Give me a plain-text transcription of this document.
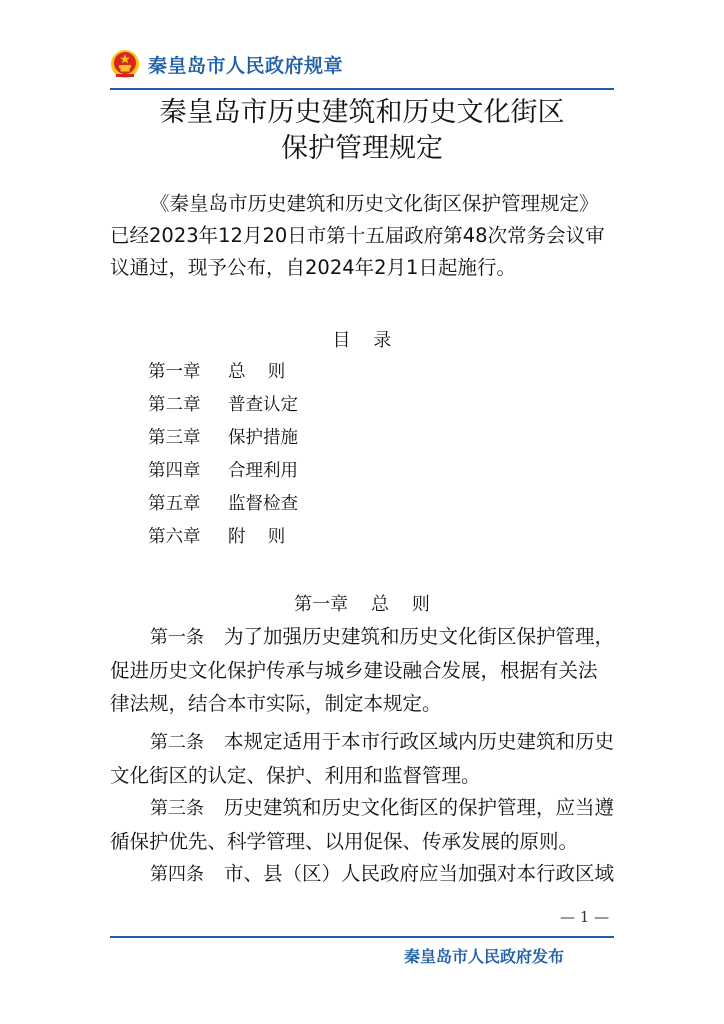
秦皇岛市人民政府规章
秦皇岛市历史建筑和历史文化街区
保护管理规定
《秦皇岛市历史建筑和历史文化街区保护管理规定》已经2023年12月20日市第十五届政府第48次常务会议审议通过，现予公布，自2024年2月1日起施行。
目    录
第一章 总    则
第二章 普查认定
第三章 保护措施
第四章 合理利用
第五章 监督检查
第六章 附    则
第一章    总    则
第一条 为了加强历史建筑和历史文化街区保护管理，促进历史文化保护传承与城乡建设融合发展，根据有关法律法规，结合本市实际，制定本规定。
第二条 本规定适用于本市行政区域内历史建筑和历史文化街区的认定、保护、利用和监督管理。
第三条 历史建筑和历史文化街区的保护管理，应当遵循保护优先、科学管理、以用促保、传承发展的原则。
第四条 市、县（区）人民政府应当加强对本行政区域
— 1 —
秦皇岛市人民政府发布
